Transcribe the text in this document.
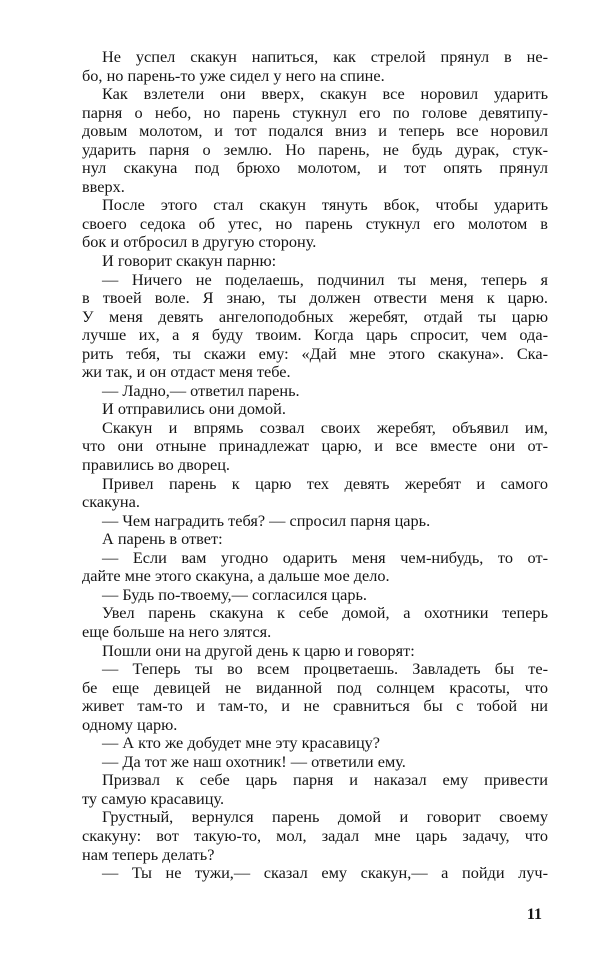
Не успел скакун напиться, как стрелой прянул в не-
бо, но парень-то уже сидел у него на спине.
Как взлетели они вверх, скакун все норовил ударить
парня о небо, но парень стукнул его по голове девятипу-
довым молотом, и тот подался вниз и теперь все норовил
ударить парня о землю. Но парень, не будь дурак, стук-
нул скакуна под брюхо молотом, и тот опять прянул
вверх.
После этого стал скакун тянуть вбок, чтобы ударить
своего седока об утес, но парень стукнул его молотом в
бок и отбросил в другую сторону.
И говорит скакун парню:
— Ничего не поделаешь, подчинил ты меня, теперь я
в твоей воле. Я знаю, ты должен отвести меня к царю.
У меня девять ангелоподобных жеребят, отдай ты царю
лучше их, а я буду твоим. Когда царь спросит, чем ода-
рить тебя, ты скажи ему: «Дай мне этого скакуна». Ска-
жи так, и он отдаст меня тебе.
— Ладно,— ответил парень.
И отправились они домой.
Скакун и впрямь созвал своих жеребят, объявил им,
что они отныне принадлежат царю, и все вместе они от-
правились во дворец.
Привел парень к царю тех девять жеребят и самого
скакуна.
— Чем наградить тебя? — спросил парня царь.
А парень в ответ:
— Если вам угодно одарить меня чем-нибудь, то от-
дайте мне этого скакуна, а дальше мое дело.
— Будь по-твоему,— согласился царь.
Увел парень скакуна к себе домой, а охотники теперь
еще больше на него злятся.
Пошли они на другой день к царю и говорят:
— Теперь ты во всем процветаешь. Завладеть бы те-
бе еще девицей не виданной под солнцем красоты, что
живет там-то и там-то, и не сравниться бы с тобой ни
одному царю.
— А кто же добудет мне эту красавицу?
— Да тот же наш охотник! — ответили ему.
Призвал к себе царь парня и наказал ему привести
ту самую красавицу.
Грустный, вернулся парень домой и говорит своему
скакуну: вот такую-то, мол, задал мне царь задачу, что
нам теперь делать?
— Ты не тужи,— сказал ему скакун,— а пойди луч-
11
